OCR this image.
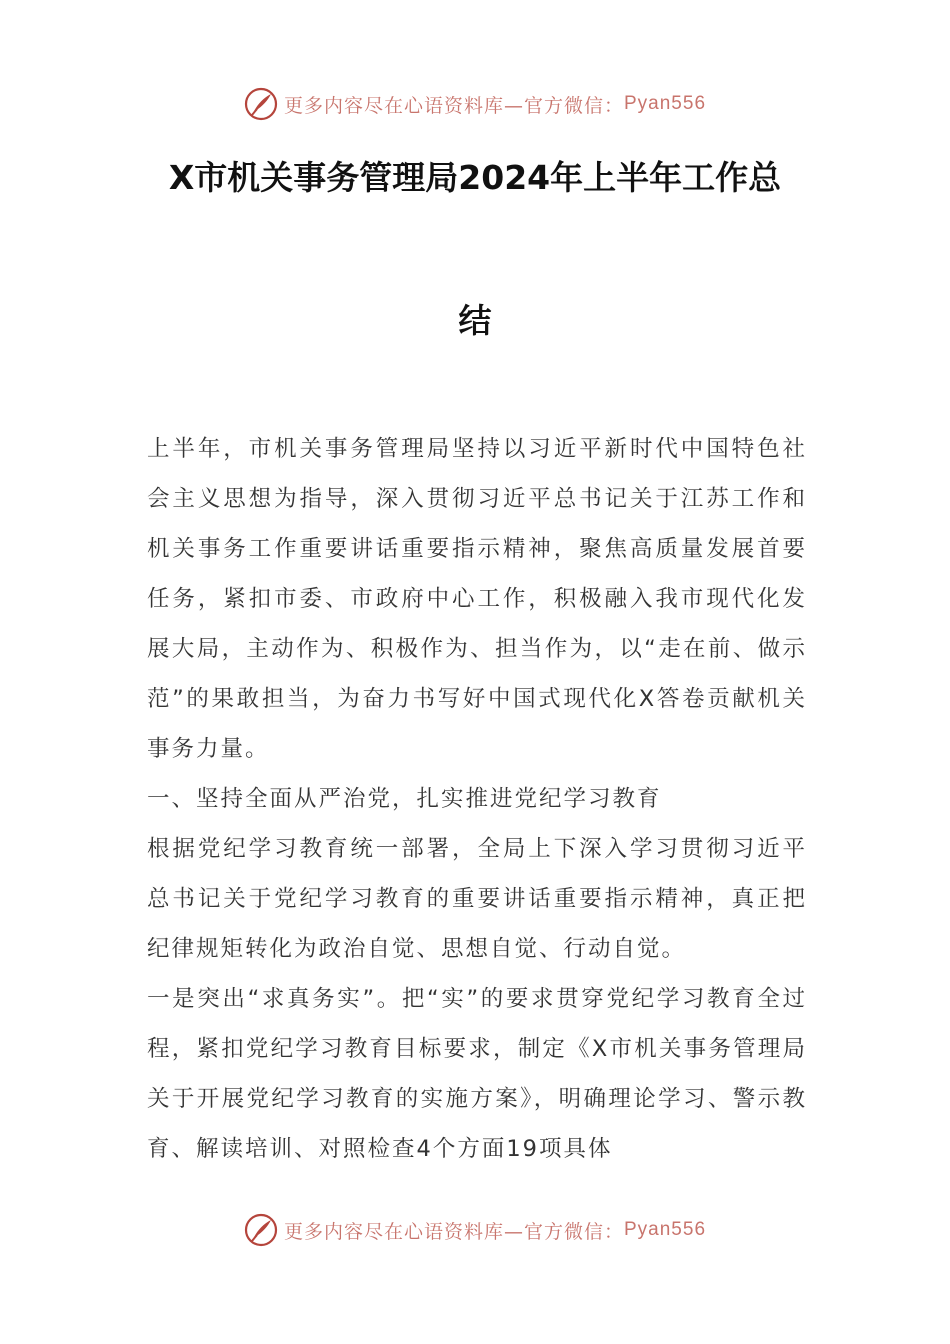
更多内容尽在心语资料库—官方微信： Pyan556
X市机关事务管理局2024年上半年工作总
结

上半年，市机关事务管理局坚持以习近平新时代中国特色社会主义思想为指导，深入贯彻习近平总书记关于江苏工作和机关事务工作重要讲话重要指示精神，聚焦高质量发展首要任务，紧扣市委、市政府中心工作，积极融入我市现代化发展大局，主动作为、积极作为、担当作为，以“走在前、做示范”的果敢担当，为奋力书写好中国式现代化X答卷贡献机关事务力量。

一、坚持全面从严治党，扎实推进党纪学习教育

根据党纪学习教育统一部署，全局上下深入学习贯彻习近平总书记关于党纪学习教育的重要讲话重要指示精神，真正把纪律规矩转化为政治自觉、思想自觉、行动自觉。

一是突出“求真务实”。把“实”的要求贯穿党纪学习教育全过程，紧扣党纪学习教育目标要求，制定《X市机关事务管理局关于开展党纪学习教育的实施方案》，明确理论学习、警示教育、解读培训、对照检查4个方面19项具体

更多内容尽在心语资料库—官方微信： Pyan556
